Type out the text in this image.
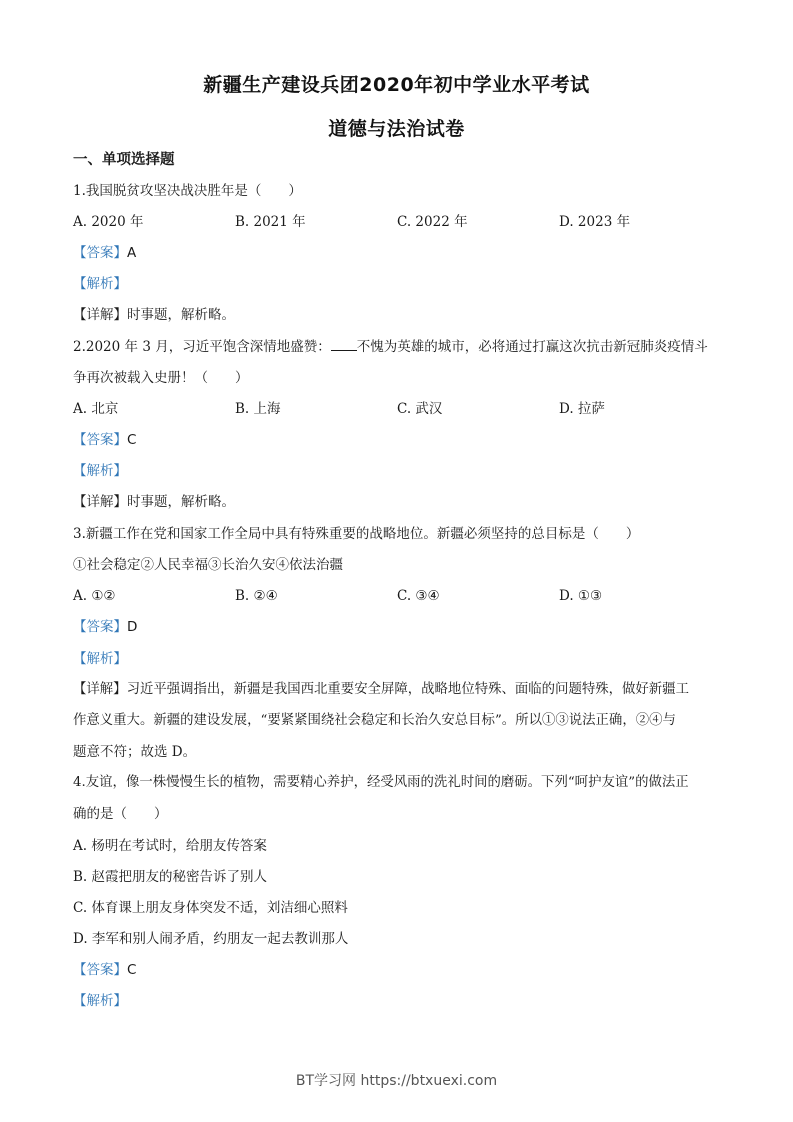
新疆生产建设兵团2020年初中学业水平考试
道德与法治试卷
一、单项选择题
1.我国脱贫攻坚决战决胜年是（　　）
A. 2020 年	B. 2021 年	C. 2022 年	D. 2023 年
【答案】A
【解析】
【详解】时事题，解析略。
2.2020 年 3 月，习近平饱含深情地盛赞： 不愧为英雄的城市，必将通过打赢这次抗击新冠肺炎疫情斗
争再次被载入史册！（　　）
A. 北京	B. 上海	C. 武汉	D. 拉萨
【答案】C
【解析】
【详解】时事题，解析略。
3.新疆工作在党和国家工作全局中具有特殊重要的战略地位。新疆必须坚持的总目标是（　　）
①社会稳定②人民幸福③长治久安④依法治疆
A. ①②	B. ②④	C. ③④	D. ①③
【答案】D
【解析】
【详解】习近平强调指出，新疆是我国西北重要安全屏障，战略地位特殊、面临的问题特殊，做好新疆工
作意义重大。新疆的建设发展，“要紧紧围绕社会稳定和长治久安总目标”。所以①③说法正确，②④与
题意不符；故选 D。
4.友谊，像一株慢慢生长的植物，需要精心养护，经受风雨的洗礼时间的磨砺。下列“呵护友谊”的做法正
确的是（　　）
A. 杨明在考试时，给朋友传答案
B. 赵霞把朋友的秘密告诉了别人
C. 体育课上朋友身体突发不适，刘洁细心照料
D. 李军和别人闹矛盾，约朋友一起去教训那人
【答案】C
【解析】
BT学习网 https://btxuexi.com
